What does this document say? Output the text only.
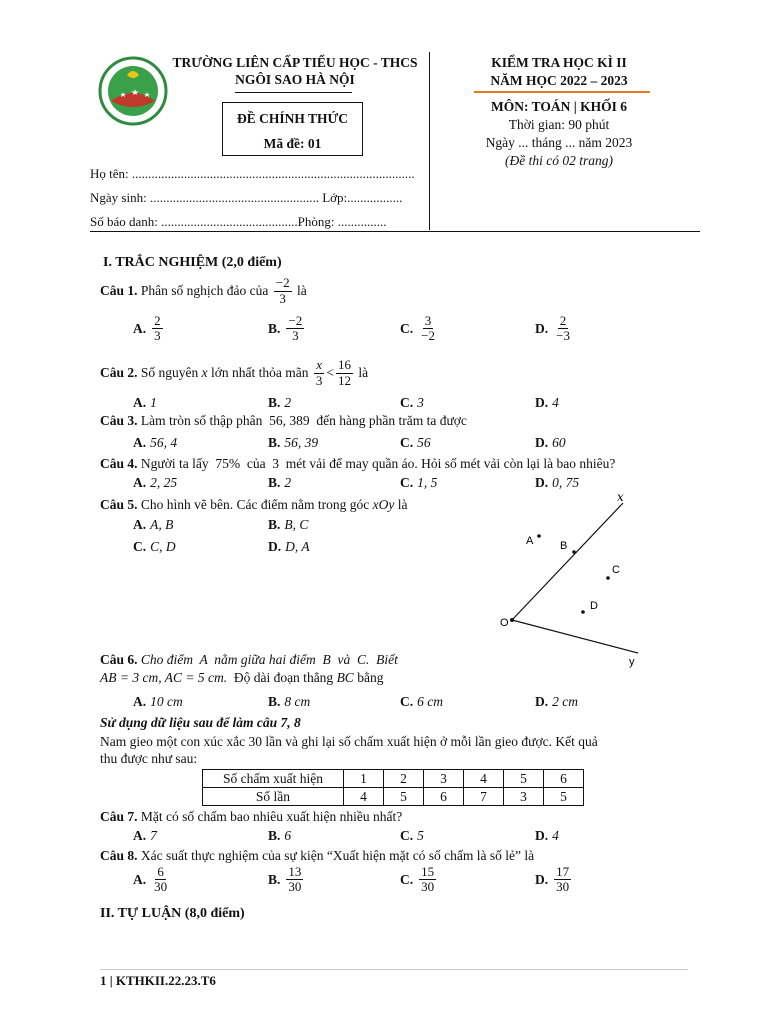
TRƯỜNG LIÊN CẤP TIỂU HỌC - THCS
NGÔI SAO HÀ NỘI
ĐỀ CHÍNH THỨC
Mã đề: 01
KIỂM TRA HỌC KÌ II
NĂM HỌC 2022 – 2023
MÔN: TOÁN | KHỐI 6
Thời gian: 90 phút
Ngày ... tháng ... năm 2023
(Đề thi có 02 trang)
Họ tên: .......................................................................................
Ngày sinh: .................................................... Lớp:.................
Số báo danh: ..........................................Phòng: ...............
I. TRẮC NGHIỆM (2,0 điểm)
Câu 1. Phân số nghịch đảo của $\frac{-2}{3}$ là
A. $\frac{2}{3}$	B. $\frac{-2}{3}$	C. $\frac{3}{-2}$	D. $\frac{2}{-3}$
Câu 2. Số nguyên x lớn nhất thỏa mãn $\frac{x}{3} < \frac{16}{12}$ là
A. 1	B. 2	C. 3	D. 4
Câu 3. Làm tròn số thập phân  56, 389  đến hàng phần trăm ta được
A. 56, 4	B. 56, 39	C. 56	D. 60
Câu 4. Người ta lấy  75%  của  3  mét vải để may quần áo. Hỏi số mét vải còn lại là bao nhiêu?
A. 2, 25	B. 2	C. 1, 5	D. 0, 75
Câu 5. Cho hình vẽ bên. Các điểm nằm trong góc xOy là
A. A, B	B. B, C
C. C, D	D. D, A
x
y
O
A B
C
D
Câu 6. Cho điểm  A  nằm giữa hai điểm  B  và  C.  Biết
AB = 3 cm, AC = 5 cm.  Độ dài đoạn thẳng BC bằng
A. 10 cm	B. 8 cm	C. 6 cm	D. 2 cm
Sử dụng dữ liệu sau để làm câu 7, 8
Nam gieo một con xúc xắc 30 lần và ghi lại số chấm xuất hiện ở mỗi lần gieo được. Kết quả
thu được như sau:
Số chấm xuất hiện	1	2	3	4	5	6
Số lần	4	5	6	7	3	5
Câu 7. Mặt có số chấm bao nhiêu xuất hiện nhiều nhất?
A. 7	B. 6	C. 5	D. 4
Câu 8. Xác suất thực nghiệm của sự kiện “Xuất hiện mặt có số chấm là số lẻ” là
A. $\frac{6}{30}$	B. $\frac{13}{30}$	C. $\frac{15}{30}$	D. $\frac{17}{30}$
II. TỰ LUẬN (8,0 điểm)
1 | KTHKII.22.23.T6
